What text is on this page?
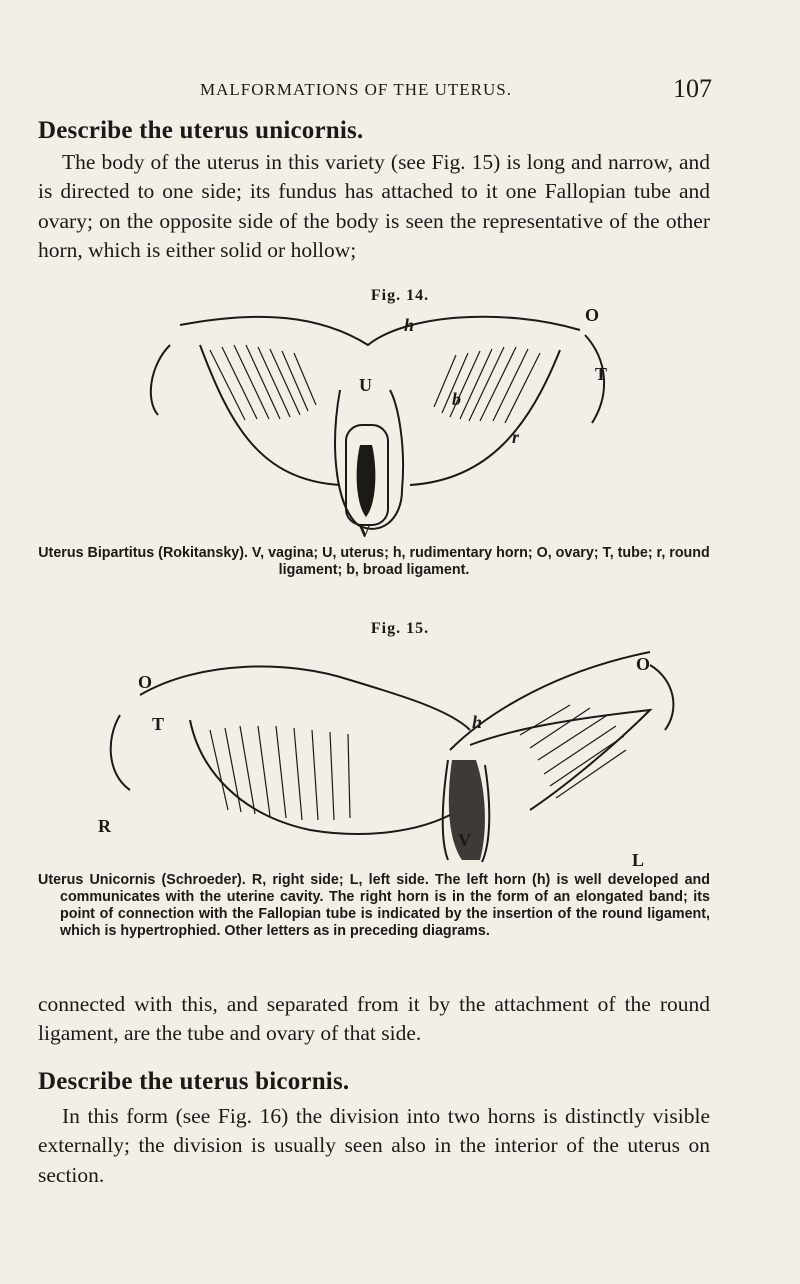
MALFORMATIONS OF THE UTERUS.	107
Describe the uterus unicornis.

The body of the uterus in this variety (see Fig. 15) is long and narrow, and is directed to one side; its fundus has attached to it one Fallopian tube and ovary; on the opposite side of the body is seen the representative of the other horn, which is either solid or hollow;

Fig. 14.
h	O
T
U
b
r
V

Uterus Bipartitus (Rokitansky). V, vagina; U, uterus; h, rudimentary horn; O, ovary; T, tube; r, round ligament; b, broad ligament.

Fig. 15.
O
O
T	h
R
L
V

Uterus Unicornis (Schroeder). R, right side; L, left side. The left horn (h) is well developed and communicates with the uterine cavity. The right horn is in the form of an elongated band; its point of connection with the Fallopian tube is indicated by the insertion of the round ligament, which is hypertrophied. Other letters as in preceding diagrams.

connected with this, and separated from it by the attachment of the round ligament, are the tube and ovary of that side.

Describe the uterus bicornis.

In this form (see Fig. 16) the division into two horns is distinctly visible externally; the division is usually seen also in the interior of the uterus on section.
